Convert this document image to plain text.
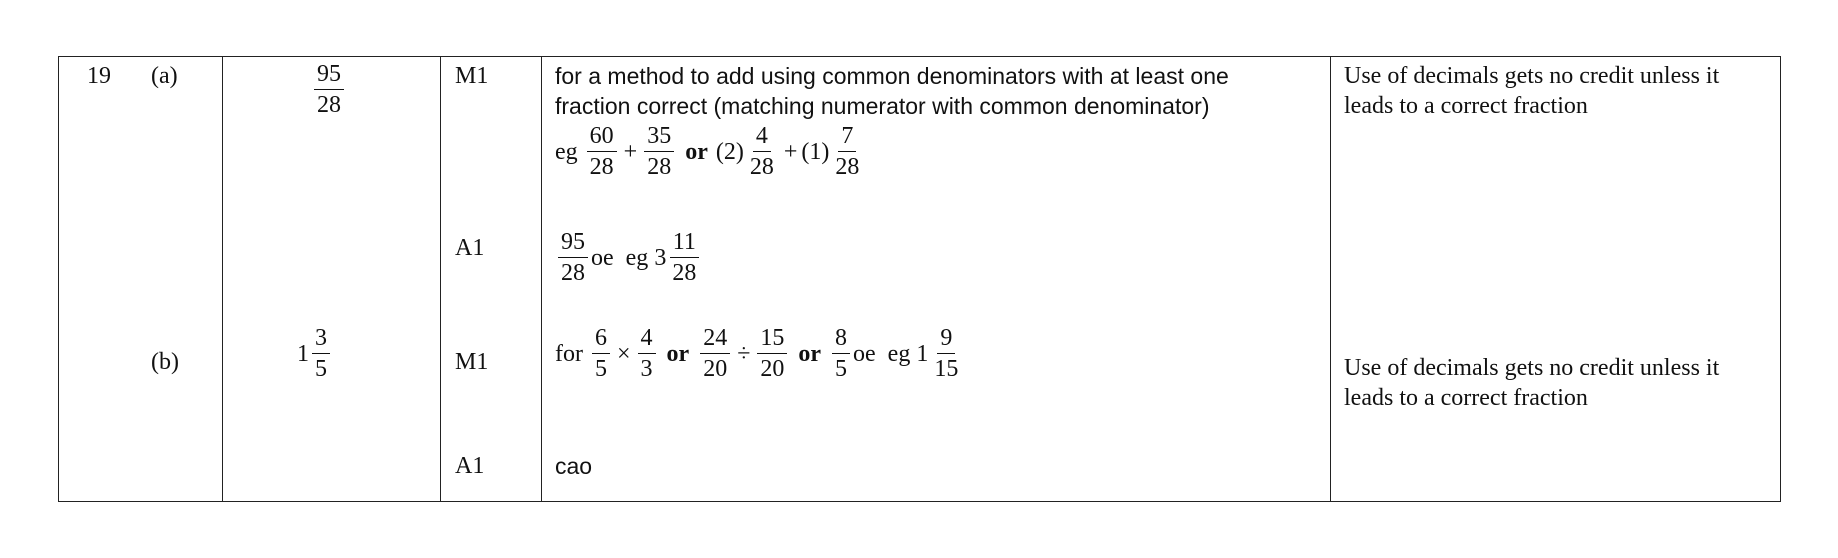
19 (a)
(b)
$\frac{95}{28}$
$1 \frac{3}{5}$
M1
A1
M1
A1
for a method to add using common denominators with at least one
fraction correct (matching numerator with common denominator)
eg $\frac{60}{28} + \frac{35}{28}$ or $(2) \frac{4}{28} + (1) \frac{7}{28}$
$\frac{95}{28}$ oe eg $3 \frac{11}{28}$
for $\frac{6}{5} \times \frac{4}{3}$ or $\frac{24}{20} \div \frac{15}{20}$ or $\frac{8}{5}$ oe eg $1 \frac{9}{15}$
cao
Use of decimals gets no credit unless it
leads to a correct fraction
Use of decimals gets no credit unless it
leads to a correct fraction
